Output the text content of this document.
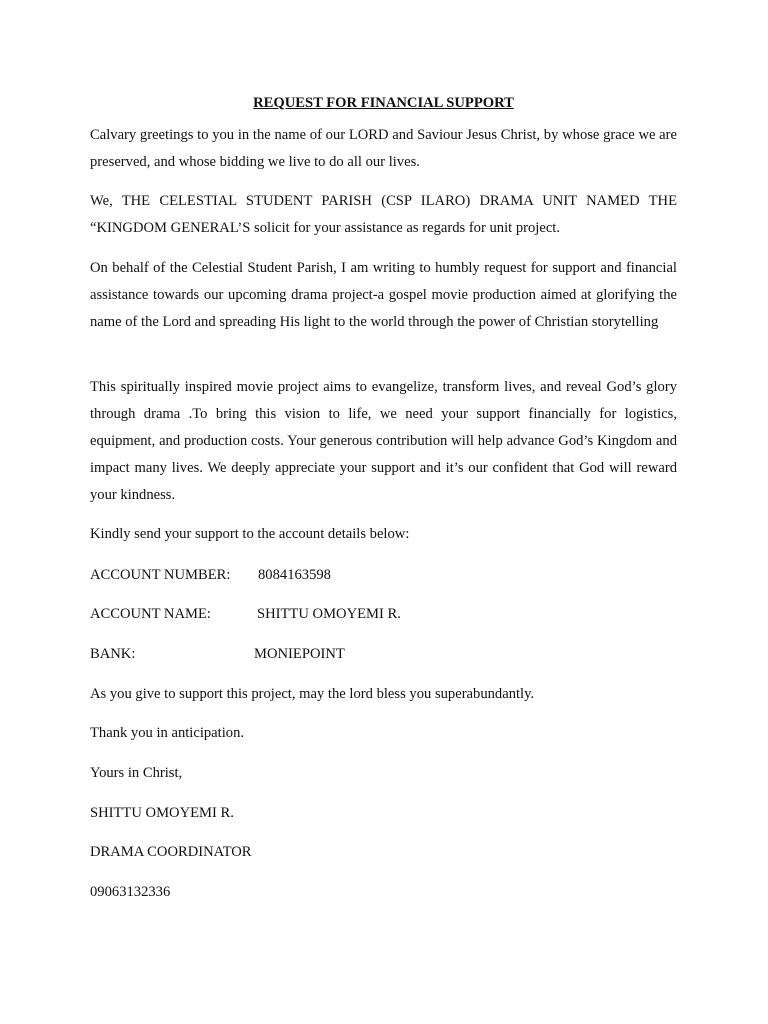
REQUEST FOR FINANCIAL SUPPORT

Calvary greetings to you in the name of our LORD and Saviour Jesus Christ, by whose grace we are preserved, and whose bidding we live to do all our lives.

We, THE CELESTIAL STUDENT PARISH (CSP ILARO) DRAMA UNIT NAMED THE “KINGDOM GENERAL’S solicit for your assistance as regards for unit project.

On behalf of the Celestial Student Parish, I am writing to humbly request for support and financial assistance towards our upcoming drama project-a gospel movie production aimed at glorifying the name of the Lord and spreading His light to the world through the power of Christian storytelling

This spiritually inspired movie project aims to evangelize, transform lives, and reveal God’s glory through drama .To bring this vision to life, we need your support financially for logistics, equipment, and production costs. Your generous contribution will help advance God’s Kingdom and impact many lives. We deeply appreciate your support and it’s our confident that God will reward your kindness.

Kindly send your support to the account details below:

ACCOUNT NUMBER: 8084163598
ACCOUNT NAME:	SHITTU OMOYEMI R.
BANK:	MONIEPOINT

As you give to support this project, may the lord bless you superabundantly.

Thank you in anticipation.

Yours in Christ,

SHITTU OMOYEMI R.

DRAMA COORDINATOR

09063132336
